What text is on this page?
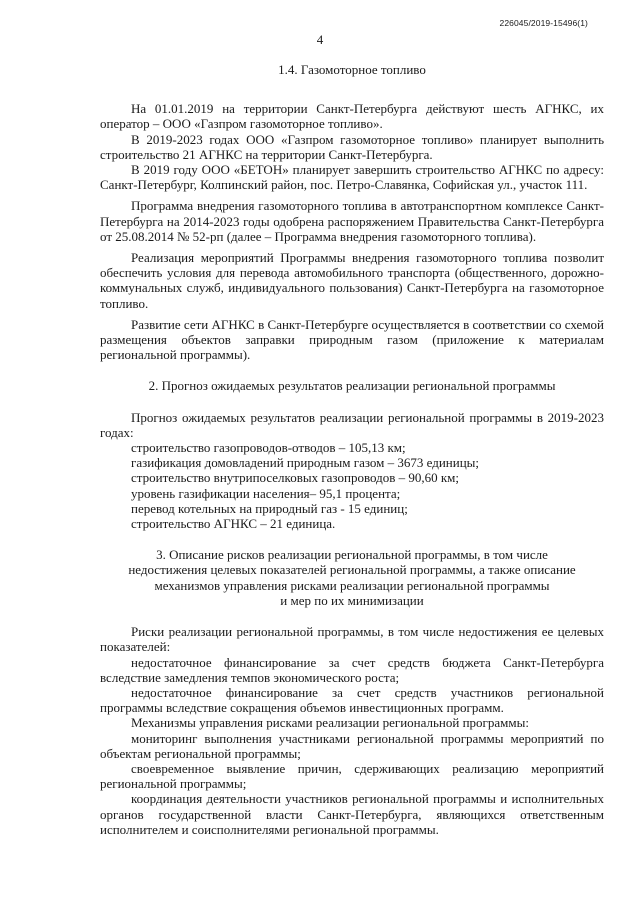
226045/2019-15496(1)
4

1.4. Газомоторное топливо

На 01.01.2019 на территории Санкт-Петербурга действуют шесть АГНКС, их оператор – ООО «Газпром газомоторное топливо».

В 2019-2023 годах ООО «Газпром газомоторное топливо» планирует выполнить строительство 21 АГНКС на территории Санкт-Петербурга.

В 2019 году ООО «БЕТОН» планирует завершить строительство АГНКС по адресу: Санкт-Петербург, Колпинский район, пос. Петро-Славянка, Софийская ул., участок 111.

Программа внедрения газомоторного топлива в автотранспортном комплексе Санкт-Петербурга на 2014-2023 годы одобрена распоряжением Правительства Санкт-Петербурга от 25.08.2014 № 52-рп (далее – Программа внедрения газомоторного топлива).

Реализация мероприятий Программы внедрения газомоторного топлива позволит обеспечить условия для перевода автомобильного транспорта (общественного, дорожно-коммунальных служб, индивидуального пользования) Санкт-Петербурга на газомоторное топливо.

Развитие сети АГНКС в Санкт-Петербурге осуществляется в соответствии со схемой размещения объектов заправки природным газом (приложение к материалам региональной программы).

2. Прогноз ожидаемых результатов реализации региональной программы

Прогноз ожидаемых результатов реализации региональной программы в 2019-2023 годах:

строительство газопроводов-отводов – 105,13 км;

газификация домовладений природным газом – 3673 единицы;

строительство внутрипоселковых газопроводов – 90,60 км;

уровень газификации населения– 95,1 процента;

перевод котельных на природный газ - 15 единиц;

строительство АГНКС – 21 единица.

3. Описание рисков реализации региональной программы, в том числе

недостижения целевых показателей региональной программы, а также описание

механизмов управления рисками реализации региональной программы

и мер по их минимизации

Риски реализации региональной программы, в том числе недостижения ее целевых показателей:

недостаточное финансирование за счет средств бюджета Санкт-Петербурга вследствие замедления темпов экономического роста;

недостаточное финансирование за счет средств участников региональной программы вследствие сокращения объемов инвестиционных программ.

Механизмы управления рисками реализации региональной программы:

мониторинг выполнения участниками региональной программы мероприятий по объектам региональной программы;

своевременное выявление причин, сдерживающих реализацию мероприятий региональной программы;

координация деятельности участников региональной программы и исполнительных органов государственной власти Санкт-Петербурга, являющихся ответственным исполнителем и соисполнителями региональной программы.
